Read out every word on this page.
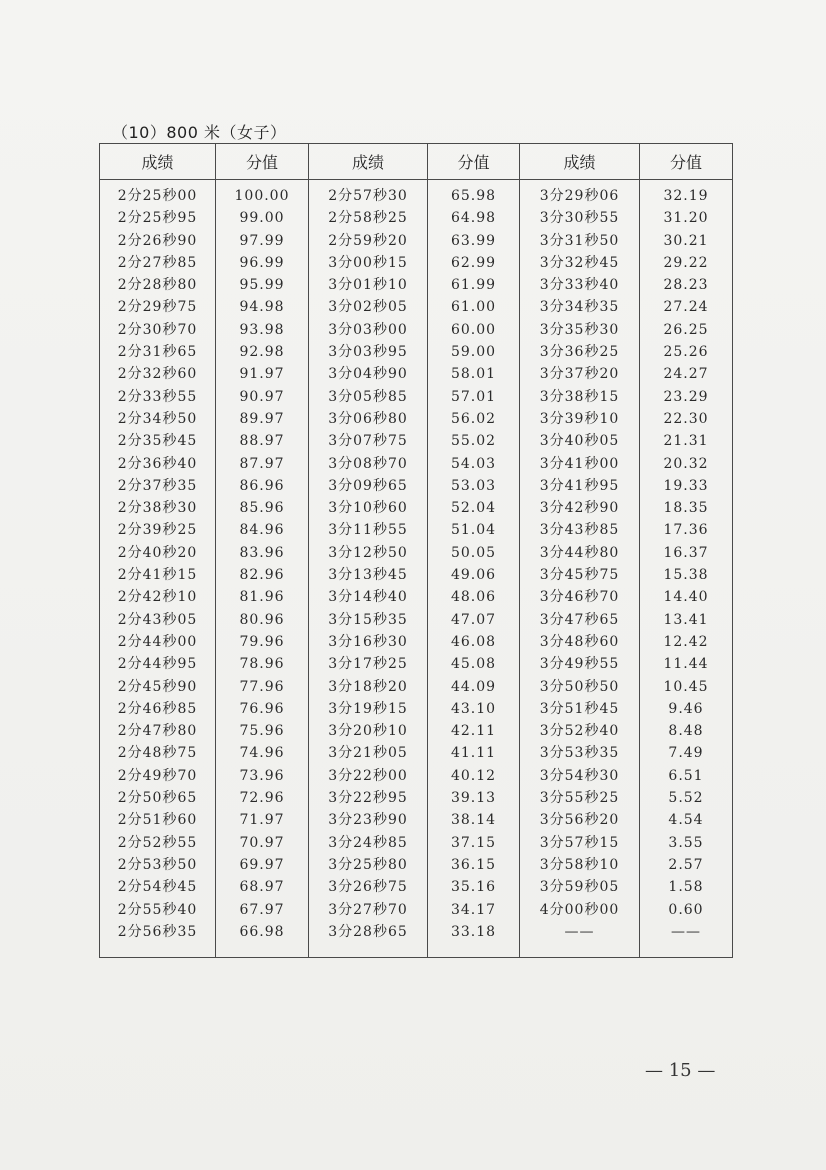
（10）800 米（女子）
成绩	分值	成绩	分值	成绩	分值
2分25秒00	100.00	2分57秒30	65.98	3分29秒06	32.19
2分25秒95	99.00	2分58秒25	64.98	3分30秒55	31.20
2分26秒90	97.99	2分59秒20	63.99	3分31秒50	30.21
2分27秒85	96.99	3分00秒15	62.99	3分32秒45	29.22
2分28秒80	95.99	3分01秒10	61.99	3分33秒40	28.23
2分29秒75	94.98	3分02秒05	61.00	3分34秒35	27.24
2分30秒70	93.98	3分03秒00	60.00	3分35秒30	26.25
2分31秒65	92.98	3分03秒95	59.00	3分36秒25	25.26
2分32秒60	91.97	3分04秒90	58.01	3分37秒20	24.27
2分33秒55	90.97	3分05秒85	57.01	3分38秒15	23.29
2分34秒50	89.97	3分06秒80	56.02	3分39秒10	22.30
2分35秒45	88.97	3分07秒75	55.02	3分40秒05	21.31
2分36秒40	87.97	3分08秒70	54.03	3分41秒00	20.32
2分37秒35	86.96	3分09秒65	53.03	3分41秒95	19.33
2分38秒30	85.96	3分10秒60	52.04	3分42秒90	18.35
2分39秒25	84.96	3分11秒55	51.04	3分43秒85	17.36
2分40秒20	83.96	3分12秒50	50.05	3分44秒80	16.37
2分41秒15	82.96	3分13秒45	49.06	3分45秒75	15.38
2分42秒10	81.96	3分14秒40	48.06	3分46秒70	14.40
2分43秒05	80.96	3分15秒35	47.07	3分47秒65	13.41
2分44秒00	79.96	3分16秒30	46.08	3分48秒60	12.42
2分44秒95	78.96	3分17秒25	45.08	3分49秒55	11.44
2分45秒90	77.96	3分18秒20	44.09	3分50秒50	10.45
2分46秒85	76.96	3分19秒15	43.10	3分51秒45	9.46
2分47秒80	75.96	3分20秒10	42.11	3分52秒40	8.48
2分48秒75	74.96	3分21秒05	41.11	3分53秒35	7.49
2分49秒70	73.96	3分22秒00	40.12	3分54秒30	6.51
2分50秒65	72.96	3分22秒95	39.13	3分55秒25	5.52
2分51秒60	71.97	3分23秒90	38.14	3分56秒20	4.54
2分52秒55	70.97	3分24秒85	37.15	3分57秒15	3.55
2分53秒50	69.97	3分25秒80	36.15	3分58秒10	2.57
2分54秒45	68.97	3分26秒75	35.16	3分59秒05	1.58
2分55秒40	67.97	3分27秒70	34.17	4分00秒00	0.60
2分56秒35	66.98	3分28秒65	33.18	——	——
— 15 —
